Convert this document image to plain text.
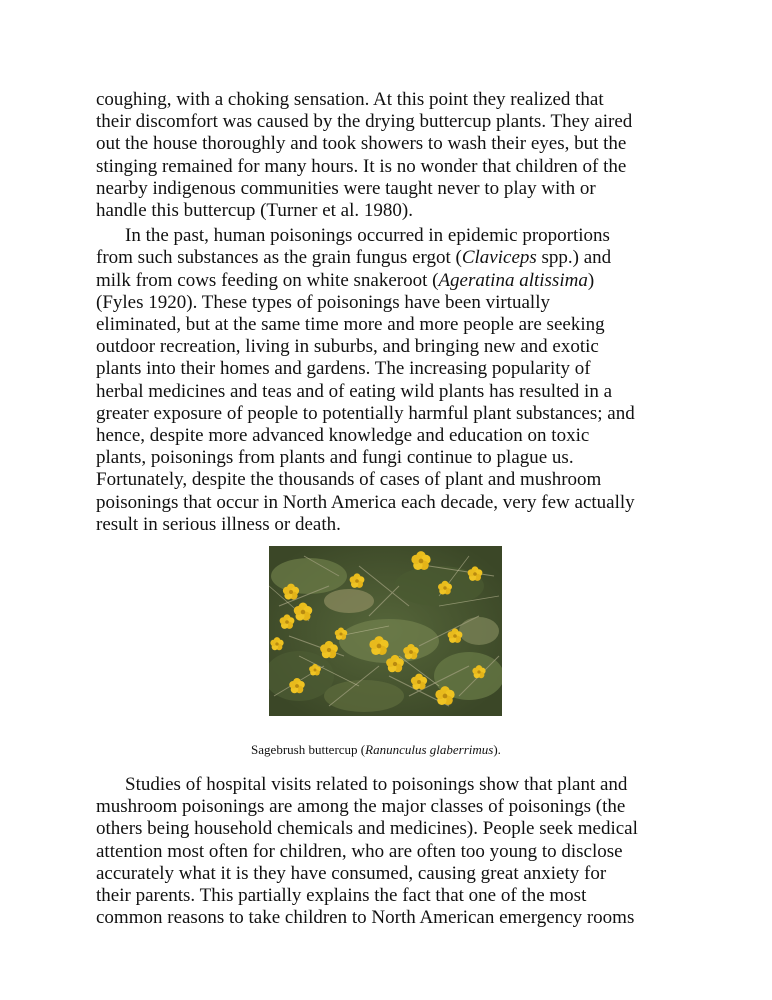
coughing, with a choking sensation. At this point they realized that
their discomfort was caused by the drying buttercup plants. They aired
out the house thoroughly and took showers to wash their eyes, but the
stinging remained for many hours. It is no wonder that children of the
nearby indigenous communities were taught never to play with or
handle this buttercup (Turner et al. 1980).

In the past, human poisonings occurred in epidemic proportions
from such substances as the grain fungus ergot (Claviceps spp.) and
milk from cows feeding on white snakeroot (Ageratina altissima)
(Fyles 1920). These types of poisonings have been virtually
eliminated, but at the same time more and more people are seeking
outdoor recreation, living in suburbs, and bringing new and exotic
plants into their homes and gardens. The increasing popularity of
herbal medicines and teas and of eating wild plants has resulted in a
greater exposure of people to potentially harmful plant substances; and
hence, despite more advanced knowledge and education on toxic
plants, poisonings from plants and fungi continue to plague us.
Fortunately, despite the thousands of cases of plant and mushroom
poisonings that occur in North America each decade, very few actually
result in serious illness or death.

Sagebrush buttercup (Ranunculus glaberrimus).

Studies of hospital visits related to poisonings show that plant and
mushroom poisonings are among the major classes of poisonings (the
others being household chemicals and medicines). People seek medical
attention most often for children, who are often too young to disclose
accurately what it is they have consumed, causing great anxiety for
their parents. This partially explains the fact that one of the most
common reasons to take children to North American emergency rooms
